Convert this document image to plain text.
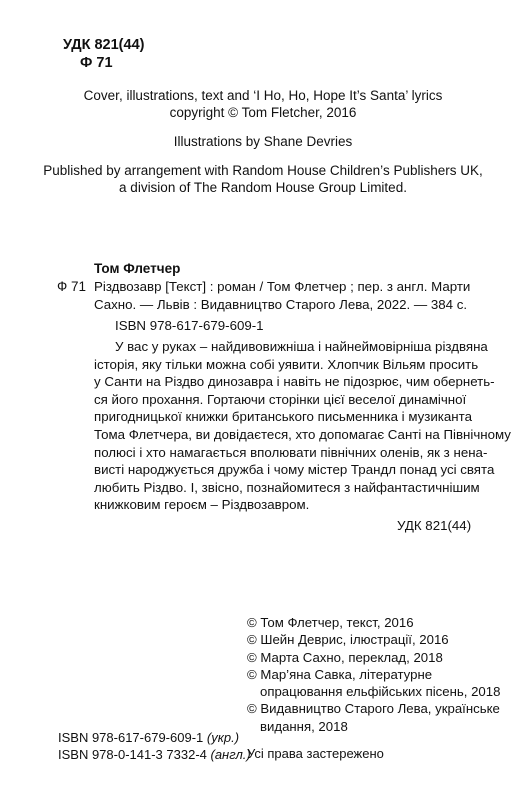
УДК 821(44)
Ф 71
Cover, illustrations, text and ‘I Ho, Ho, Hope It’s Santa’ lyrics
copyright © Tom Fletcher, 2016
Illustrations by Shane Devries
Published by arrangement with Random House Children’s Publishers UK,
a division of The Random House Group Limited.
Том Флетчер
Ф 71 Різдвозавр [Текст] : роман / Том Флетчер ; пер. з англ. Марти
Сахно. — Львів : Видавництво Старого Лева, 2022. — 384 с.
ISBN 978-617-679-609-1
У вас у руках – найдивовижніша і найнеймовірніша різдвяна
історія, яку тільки можна собі уявити. Хлопчик Вільям просить
у Санти на Різдво динозавра і навіть не підозрює, чим обернеть-
ся його прохання. Гортаючи сторінки цієї веселої динамічної
пригодницької книжки британського письменника і музиканта
Тома Флетчера, ви довідаєтеся, хто допомагає Санті на Північному
полюсі і хто намагається вполювати північних оленів, як з нена-
висті народжується дружба і чому містер Трандл понад усі свята
любить Різдво. І, звісно, познайомитеся з найфантастичнішим
книжковим героєм – Різдвозавром.
УДК 821(44)
© Том Флетчер, текст, 2016
© Шейн Деврис, ілюстрації, 2016
© Марта Сахно, переклад, 2018
© Мар’яна Савка, літературне
опрацювання ельфійських пісень, 2018
© Видавництво Старого Лева, українське
видання, 2018
ISBN 978-617-679-609-1 (укр.)
ISBN 978-0-141-3 7332-4 (англ.)
Усі права застережено
